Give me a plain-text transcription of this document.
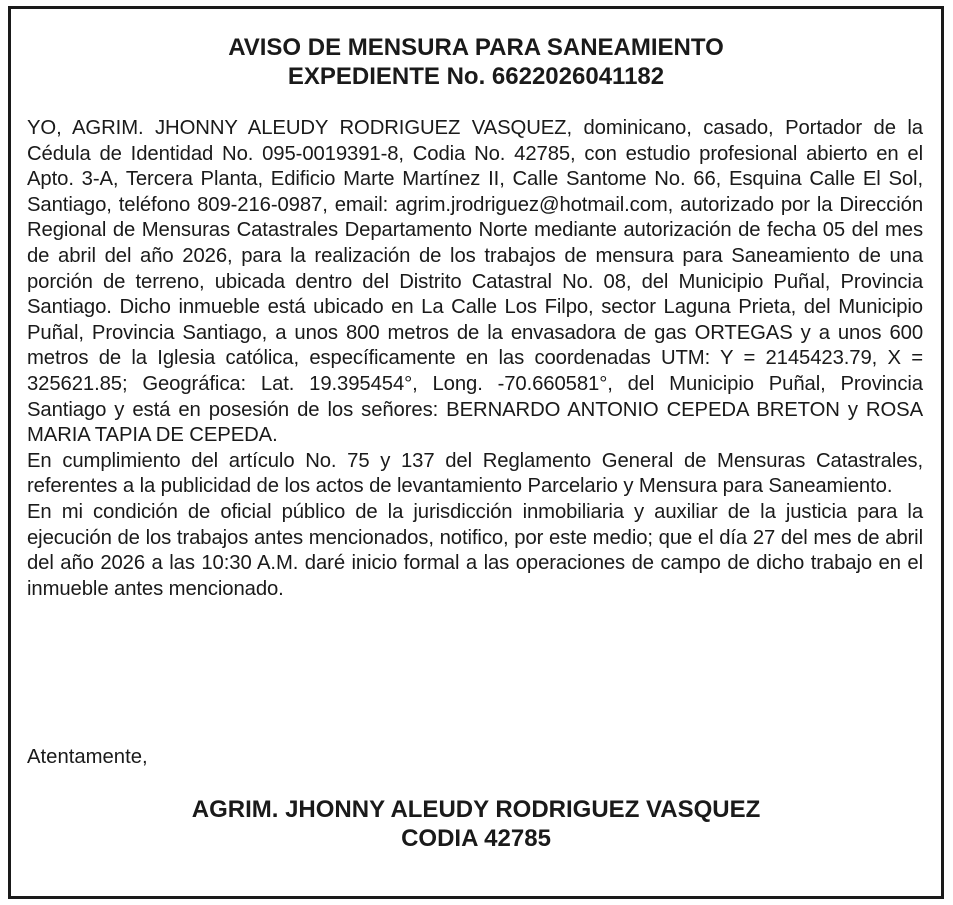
AVISO DE MENSURA PARA SANEAMIENTO
EXPEDIENTE No. 6622026041182

YO, AGRIM. JHONNY ALEUDY RODRIGUEZ VASQUEZ, dominicano, casado, Portador de la Cédula de Identidad No. 095-0019391-8, Codia No. 42785, con estudio profesional abierto en el Apto. 3-A, Tercera Planta, Edificio Marte Martínez II, Calle Santome No. 66, Esquina Calle El Sol, Santiago, teléfono 809-216-0987, email: agrim.jrodriguez@hotmail.com, autorizado por la Dirección Regional de Mensuras Catastrales Departamento Norte mediante autorización de fecha 05 del mes de abril del año 2026, para la realización de los trabajos de mensura para Saneamiento de una porción de terreno, ubicada dentro del Distrito Catastral No. 08, del Municipio Puñal, Provincia Santiago. Dicho inmueble está ubicado en La Calle Los Filpo, sector Laguna Prieta, del Municipio Puñal, Provincia Santiago, a unos 800 metros de la envasadora de gas ORTEGAS y a unos 600 metros de la Iglesia católica, específicamente en las coordenadas UTM: Y = 2145423.79, X = 325621.85; Geográfica: Lat. 19.395454°, Long. -70.660581°, del Municipio Puñal, Provincia Santiago y está en posesión de los señores: BERNARDO ANTONIO CEPEDA BRETON y ROSA MARIA TAPIA DE CEPEDA.

En cumplimiento del artículo No. 75 y 137 del Reglamento General de Mensuras Catastrales, referentes a la publicidad de los actos de levantamiento Parcelario y Mensura para Saneamiento.

En mi condición de oficial público de la jurisdicción inmobiliaria y auxiliar de la justicia para la ejecución de los trabajos antes mencionados, notifico, por este medio; que el día 27 del mes de abril del año 2026 a las 10:30 A.M. daré inicio formal a las operaciones de campo de dicho trabajo en el inmueble antes mencionado.

Atentamente,
AGRIM. JHONNY ALEUDY RODRIGUEZ VASQUEZ
CODIA 42785
